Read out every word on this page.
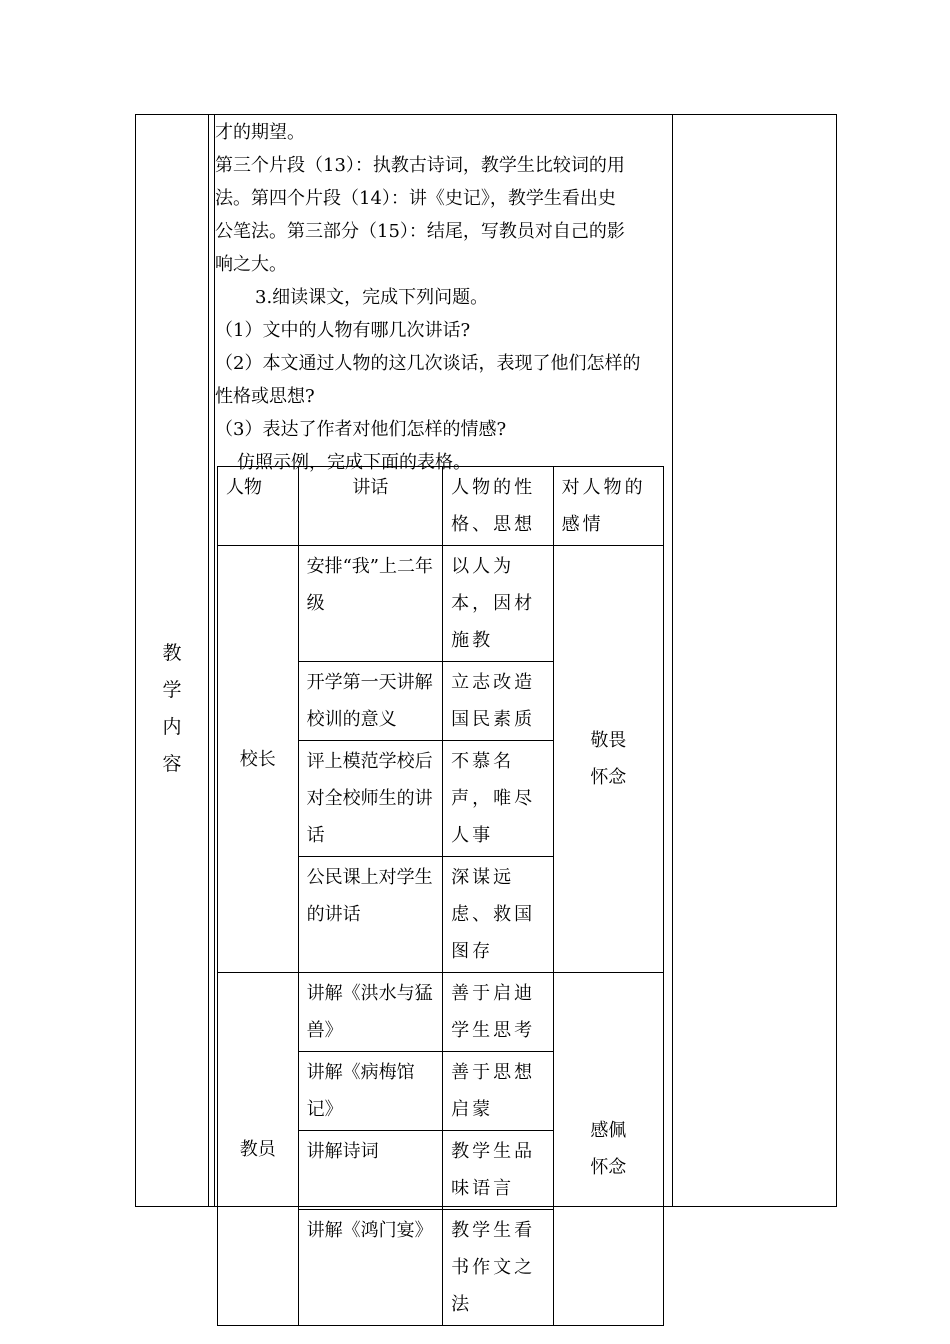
教
学
内
容

才的期望。

第三个片段（13）：执教古诗词，教学生比较词的用

法。第四个片段（14）：讲《史记》，教学生看出史

公笔法。第三部分（15）：结尾，写教员对自己的影

响之大。

3.细读课文，完成下列问题。

（1）文中的人物有哪几次讲话?

（2）本文通过人物的这几次谈话，表现了他们怎样的

性格或思想?

（3）表达了作者对他们怎样的情感?

仿照示例，完成下面的表格。

人物	讲话	人物的性格、思想	对人物的感情
校长	安排“我”上二年级	以人为本，因材施教	敬畏
怀念

	开学第一天讲解校训的意义	立志改造国民素质	
	评上模范学校后对全校师生的讲话	不慕名声，唯尽人事	
	公民课上对学生的讲话	深谋远虑、救国图存	
教员	讲解《洪水与猛兽》	善于启迪学生思考	感佩
怀念

	讲解《病梅馆记》	善于思想启蒙	
	讲解诗词	教学生品味语言	
	讲解《鸿门宴》	教学生看书作文之法	
